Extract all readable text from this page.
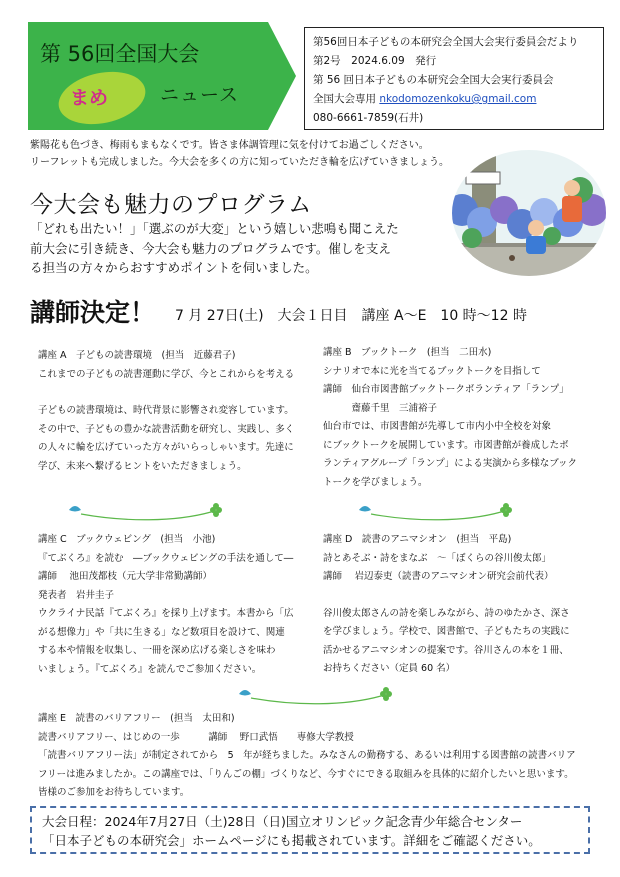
第 56回全国大会
まめ	ニュース
第56回日本子どもの本研究会全国大会実行委員会だより
第2号　2024.6.09　発行
第 56 回日本子どもの本研究会全国大会実行委員会
全国大会専用 nkodomozenkoku@gmail.com
080-6661-7859(石井)
紫陽花も色づき、梅雨もまもなくです。皆さま体調管理に気を付けてお過ごしください。
リーフレットも完成しました。今大会を多くの方に知っていただき輪を広げていきましょう。
今大会も魅力のプログラム
「どれも出たい！」「選ぶのが大変」という嬉しい悲鳴も聞こえた
前大会に引き続き、今大会も魅力のプログラムです。催しを支え
る担当の方々からおすすめポイントを伺いました。
講師決定！ 7 月 27日(土)　大会１日目　講座 A～E　10 時～12 時
講座 A　子どもの読書環境　(担当　近藤君子)
これまでの子どもの読書運動に学び、今とこれからを考える
子どもの読書環境は、時代背景に影響され変容しています。
その中で、子どもの豊かな読書活動を研究し、実践し、多く
の人々に輪を広げていった方々がいらっしゃいます。先達に
学び、未来へ繋げるヒントをいただきましょう。
講座 B　ブックトーク　(担当　二田水)
シナリオで本に光を当てるブックトークを目指して
講師　仙台市図書館ブックトークボランティア「ランプ」
　　　齋藤千里　三浦裕子
仙台市では、市図書館が先導して市内小中全校を対象
にブックトークを展開しています。市図書館が養成したボ
ランティアグループ「ランプ」による実演から多様なブック
トークを学びましょう。
講座 C　ブックウェビング　(担当　小池)
『てぶくろ』を読む　―ブックウェビングの手法を通して―
講師　 池田茂都枝（元大学非常勤講師）
発表者　岩井圭子
ウクライナ民話『てぶくろ』を採り上げます。本書から「広
がる想像力」や「共に生きる」など数項目を設けて、関連
する本や情報を収集し、一冊を深め広げる楽しさを味わ
いましょう。『てぶくろ』を読んでご参加ください。
講座 D　読書のアニマシオン　(担当　平島)
詩とあそぶ・詩をまなぶ　～「ぼくらの谷川俊太郎」
講師　 岩辺泰吏（読書のアニマシオン研究会前代表）
谷川俊太郎さんの詩を楽しみながら、詩のゆたかさ、深さ
を学びましょう。学校で、図書館で、子どもたちの実践に
活かせるアニマシオンの提案です。谷川さんの本を１冊、
お持ちください（定員 60 名）
講座 E　読書のバリアフリー　(担当　太田和)
読書バリアフリー、はじめの一歩　　　講師　 野口武悟　　専修大学教授
「読書バリアフリー法」が制定されてから　5　年が経ちました。みなさんの勤務する、あるいは利用する図書館の読書バリア
フリーは進みましたか。この講座では、「りんごの棚」づくりなど、今すぐにできる取組みを具体的に紹介したいと思います。
皆様のご参加をお待ちしています。
大会日程：2024年7月27日（土)28日（日)国立オリンピック記念青少年総合センター
「日本子どもの本研究会」ホームページにも掲載されています。詳細をご確認ください。
